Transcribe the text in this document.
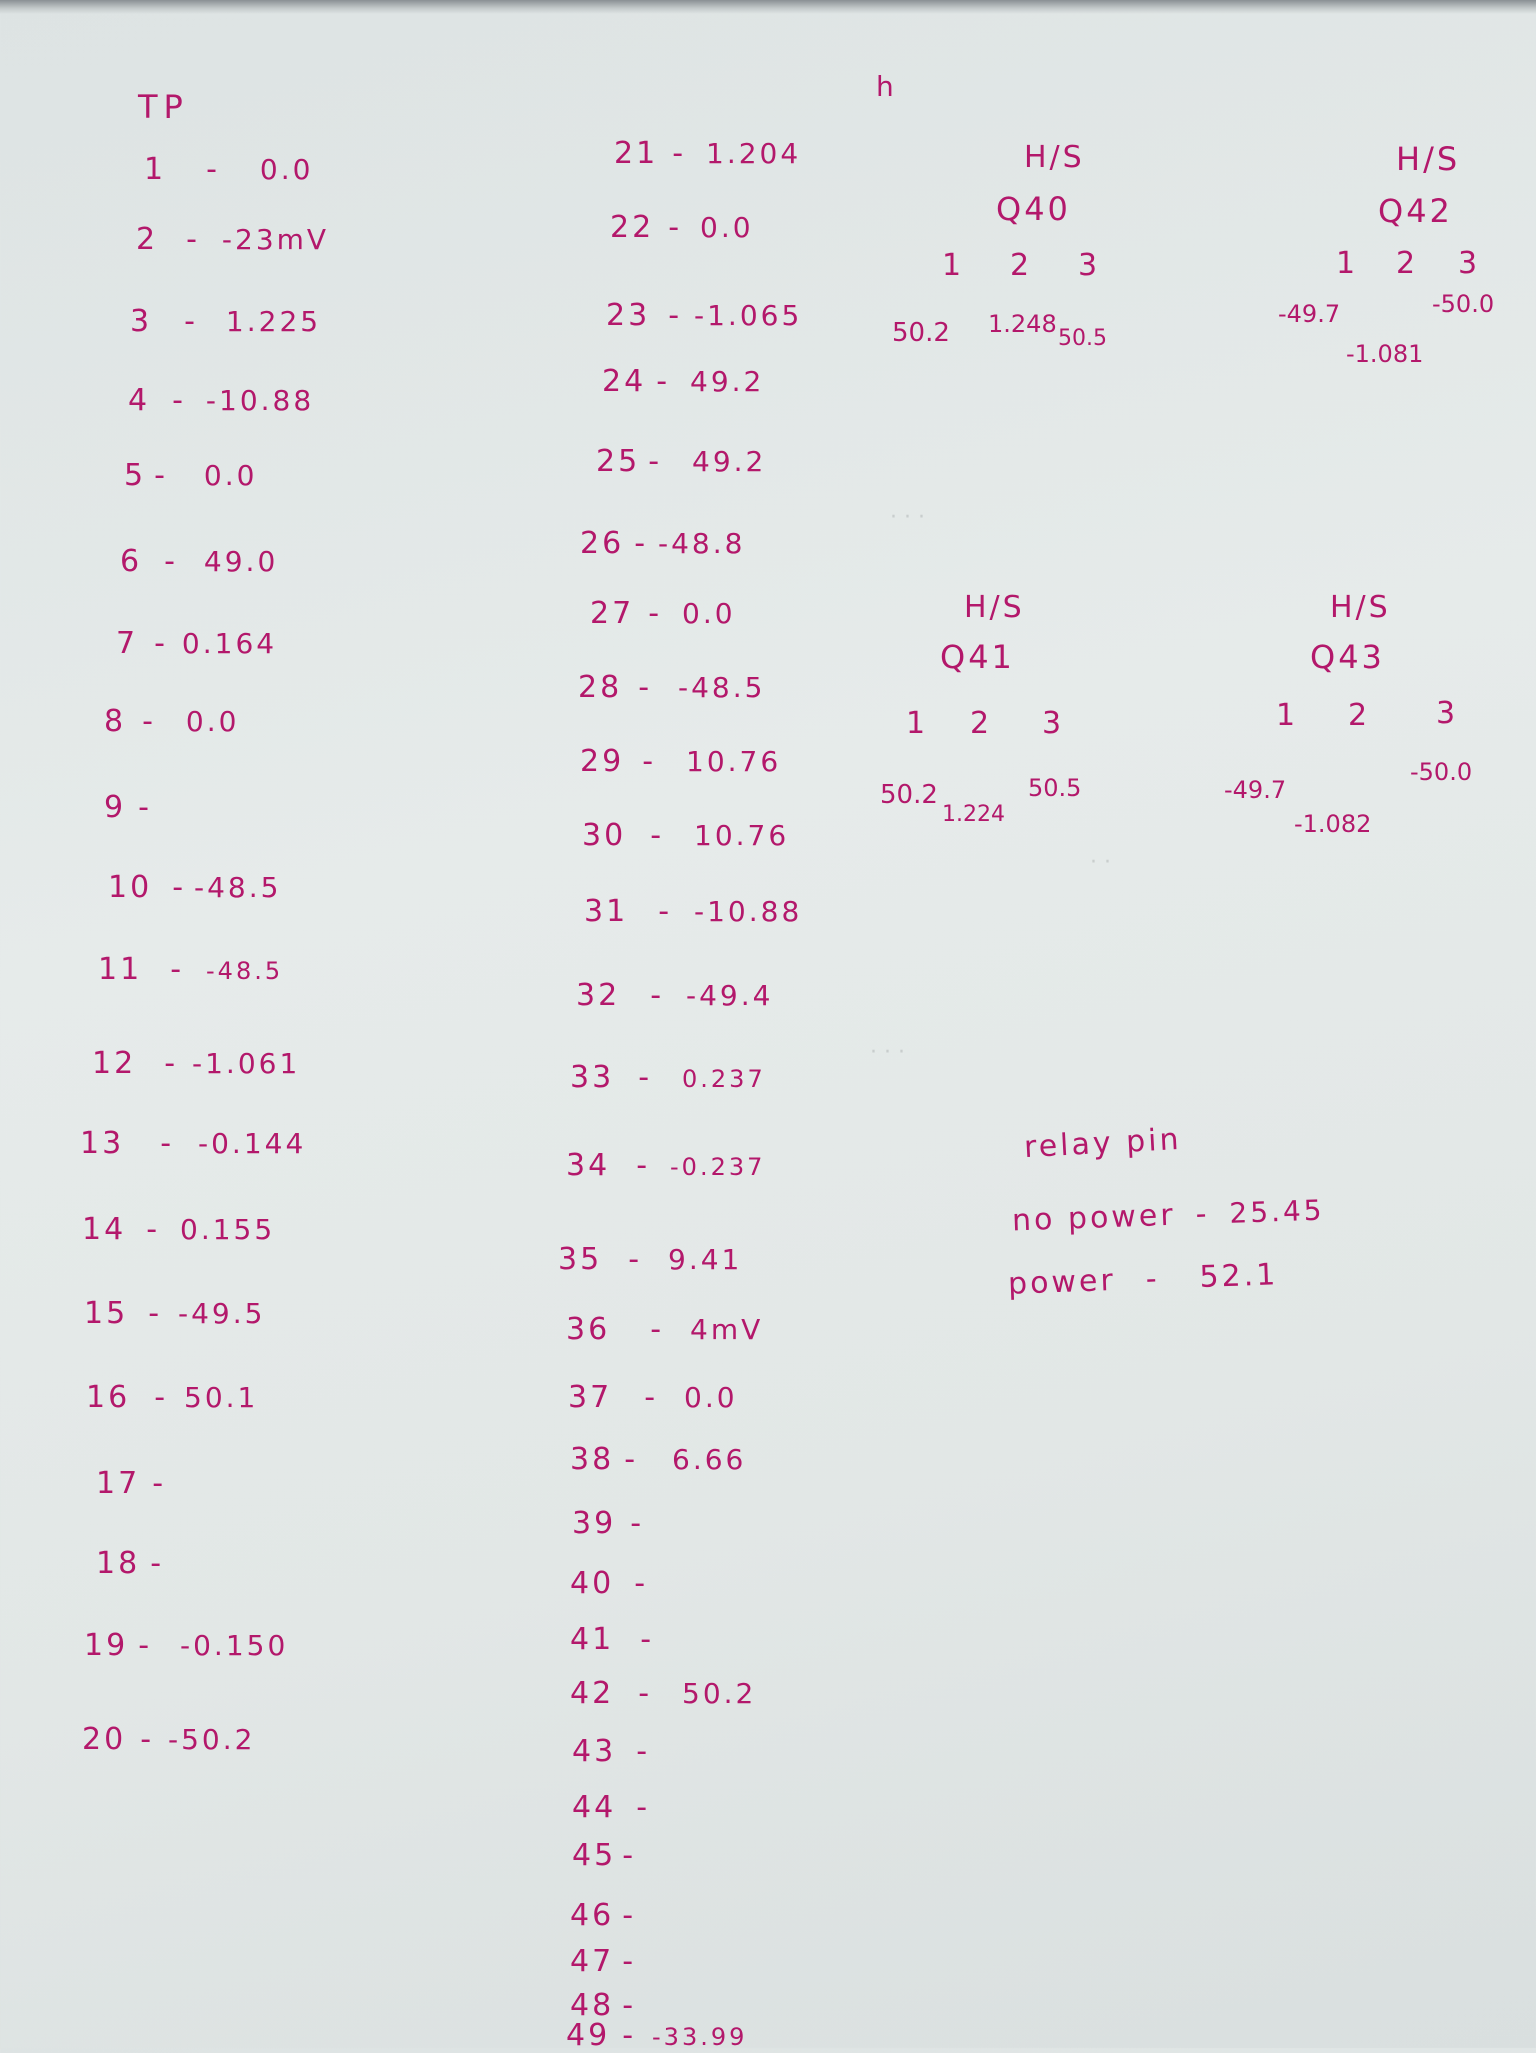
· · ·
· ·
· · ·
TP
h
1 - 0.0
2 - -23mV
3 - 1.225
4 - -10.88
5 - 0.0
6 - 49.0
7 - 0.164
8 - 0.0
9 -
10 - -48.5
11 - -48.5
12 - -1.061
13 - -0.144
14 - 0.155
15 - -49.5
16 - 50.1
17 -
18 -
19 - -0.150
20 - -50.2
21 - 1.204
22 - 0.0
23 - -1.065
24 - 49.2
25 - 49.2
26 - -48.8
27 - 0.0
28 - -48.5
29 - 10.76
30 - 10.76
31 - -10.88
32 - -49.4
33 - 0.237
34 - -0.237
35 - 9.41
36 - 4mV
37 - 0.0
38 - 6.66
39 -
40 -
41 -
42 - 50.2
43 -
44 -
45 -
46 -
47 -
48 -
49 - -33.99
H/S
Q40
1 2 3
50.2 1.248
50.5
H/S
Q42
1 2 3
-49.7
-1.081
-50.0
H/S
Q41
1 2 3
50.2
1.224
50.5
H/S
Q43
1 2 3
-49.7
-1.082
-50.0
relay pin
no power - 25.45
power - 52.1
